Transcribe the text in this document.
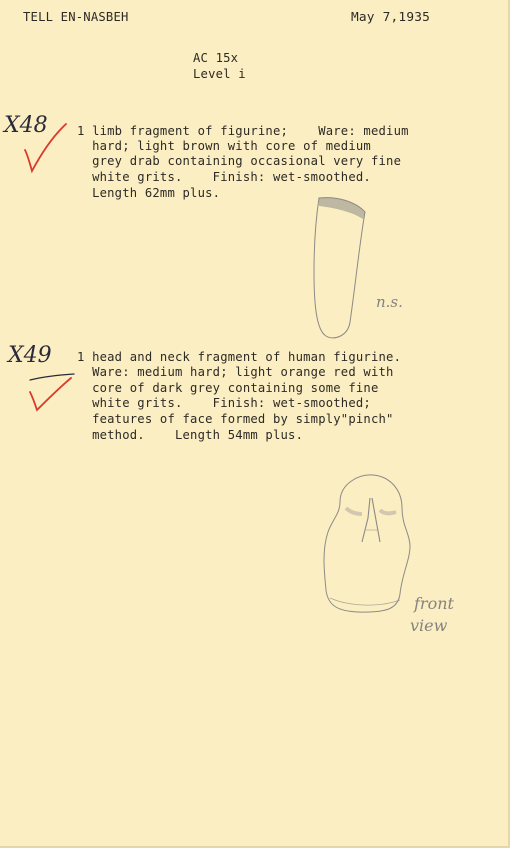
TELL EN-NASBEH	May 7,1935
AC 15x
Level i
X48

1 limb fragment of figurine;    Ware: medium

hard; light brown with core of medium

grey drab containing occasional very fine

white grits.    Finish: wet-smoothed.

Length 62mm plus.

n.s.
X49

1 head and neck fragment of human figurine.

Ware: medium hard; light orange red with

core of dark grey containing some fine

white grits.    Finish: wet-smoothed;

features of face formed by simply"pinch"

method.    Length 54mm plus.

front
view
